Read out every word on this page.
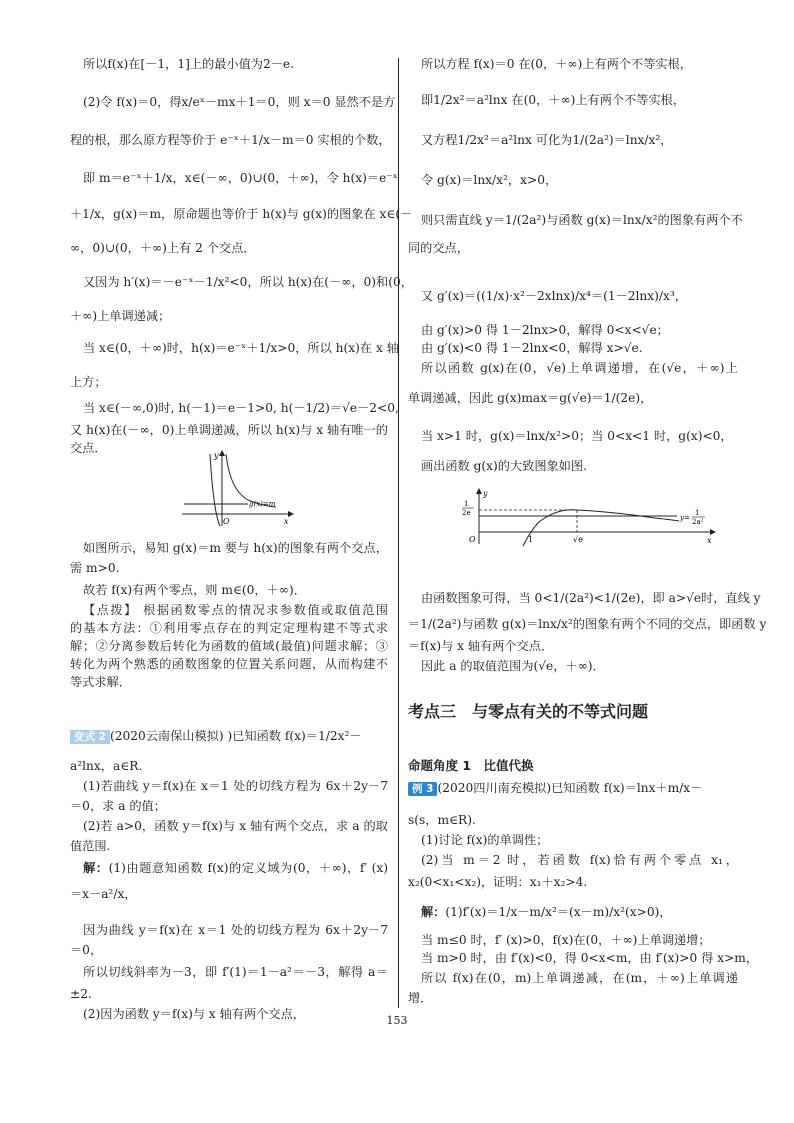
所以f(x)在[－1，1]上的最小值为2－e.
(2)令 f(x)＝0，得x/eˣ－mx＋1＝0，则 x＝0 显然不是方
程的根，那么原方程等价于 e⁻ˣ＋1/x－m＝0 实根的个数，
即 m＝e⁻ˣ＋1/x，x∈(－∞，0)∪(0，＋∞)，令 h(x)＝e⁻ˣ
＋1/x，g(x)＝m，原命题也等价于 h(x)与 g(x)的图象在 x∈(－
∞，0)∪(0，＋∞)上有 2 个交点．
又因为 h′(x)＝－e⁻ˣ－1/x²<0，所以 h(x)在(－∞，0)和(0，
＋∞)上单调递减；
当 x∈(0，＋∞)时，h(x)＝e⁻ˣ＋1/x>0，所以 h(x)在 x 轴
上方；
当 x∈(－∞,0)时, h(－1)＝e－1>0, h(－1/2)＝√e－2<0,
又 h(x)在(－∞，0)上单调递减，所以 h(x)与 x 轴有唯一的
交点．
如图所示，易知 g(x)＝m 要与 h(x)的图象有两个交点，
需 m>0.
故若 f(x)有两个零点，则 m∈(0，＋∞)．
【点拨】 根据函数零点的情况求参数值或取值范围
的基本方法：①利用零点存在的判定定理构建不等式求
解；②分离参数后转化为函数的值域(最值)问题求解；③
转化为两个熟悉的函数图象的位置关系问题，从而构建不
等式求解．
变式 2 (2020云南保山模拟) )已知函数 f(x)＝1/2x²－
a²lnx，a∈R.
(1)若曲线 y＝f(x)在 x＝1 处的切线方程为 6x＋2y－7
＝0，求 a 的值；
(2)若 a>0，函数 y＝f(x)与 x 轴有两个交点，求 a 的取
值范围.
解：(1)由题意知函数 f(x)的定义域为(0，＋∞)，f′ (x)
＝x－a²/x，
因为曲线 y＝f(x)在 x＝1 处的切线方程为 6x＋2y－7
＝0，
所以切线斜率为－3，即 f′(1)＝1－a²＝－3，解得 a＝
±2.
(2)因为函数 y＝f(x)与 x 轴有两个交点，
所以方程 f(x)＝0 在(0，＋∞)上有两个不等实根，
即1/2x²＝a²lnx 在(0，＋∞)上有两个不等实根，
又方程1/2x²＝a²lnx 可化为1/(2a²)＝lnx/x²，
令 g(x)＝lnx/x²，x>0，
则只需直线 y＝1/(2a²)与函数 g(x)＝lnx/x²的图象有两个不
同的交点，
又 g′(x)＝((1/x)·x²－2xlnx)/x⁴＝(1－2lnx)/x³，
由 g′(x)>0 得 1－2lnx>0，解得 0<x<√e；
由 g′(x)<0 得 1－2lnx<0，解得 x>√e.
所以函数 g(x)在(0，√e)上单调递增，在(√e，＋∞)上
单调递减，因此 g(x)max＝g(√e)＝1/(2e)，
当 x>1 时，g(x)＝lnx/x²>0；当 0<x<1 时，g(x)<0，
画出函数 g(x)的大致图象如图.
由函数图象可得，当 0<1/(2a²)<1/(2e)，即 a>√e时，直线 y
＝1/(2a²)与函数 g(x)＝lnx/x²的图象有两个不同的交点，即函数 y
＝f(x)与 x 轴有两个交点．
因此 a 的取值范围为(√e，＋∞)．
考点三　与零点有关的不等式问题
命题角度 1　比值代换
例 3 (2020四川南充模拟)已知函数 f(x)＝lnx＋m/x－
s(s，m∈R).
(1)讨论 f(x)的单调性；
(2)当 m＝2 时，若函数 f(x)恰有两个零点 x₁，
x₂(0<x₁<x₂)，证明：x₁＋x₂>4.
解：(1)f′(x)＝1/x－m/x²＝(x－m)/x²(x>0)，
当 m≤0 时，f′ (x)>0，f(x)在(0，＋∞)上单调递增；
当 m>0 时，由 f′(x)<0，得 0<x<m，由 f′(x)>0 得 x>m，
所以 f(x)在(0，m)上单调递减，在(m，＋∞)上单调递
增．
y
x
O
g(x)=m
y
x
O	1	√e
1
2e
y=
1
2a²
153
